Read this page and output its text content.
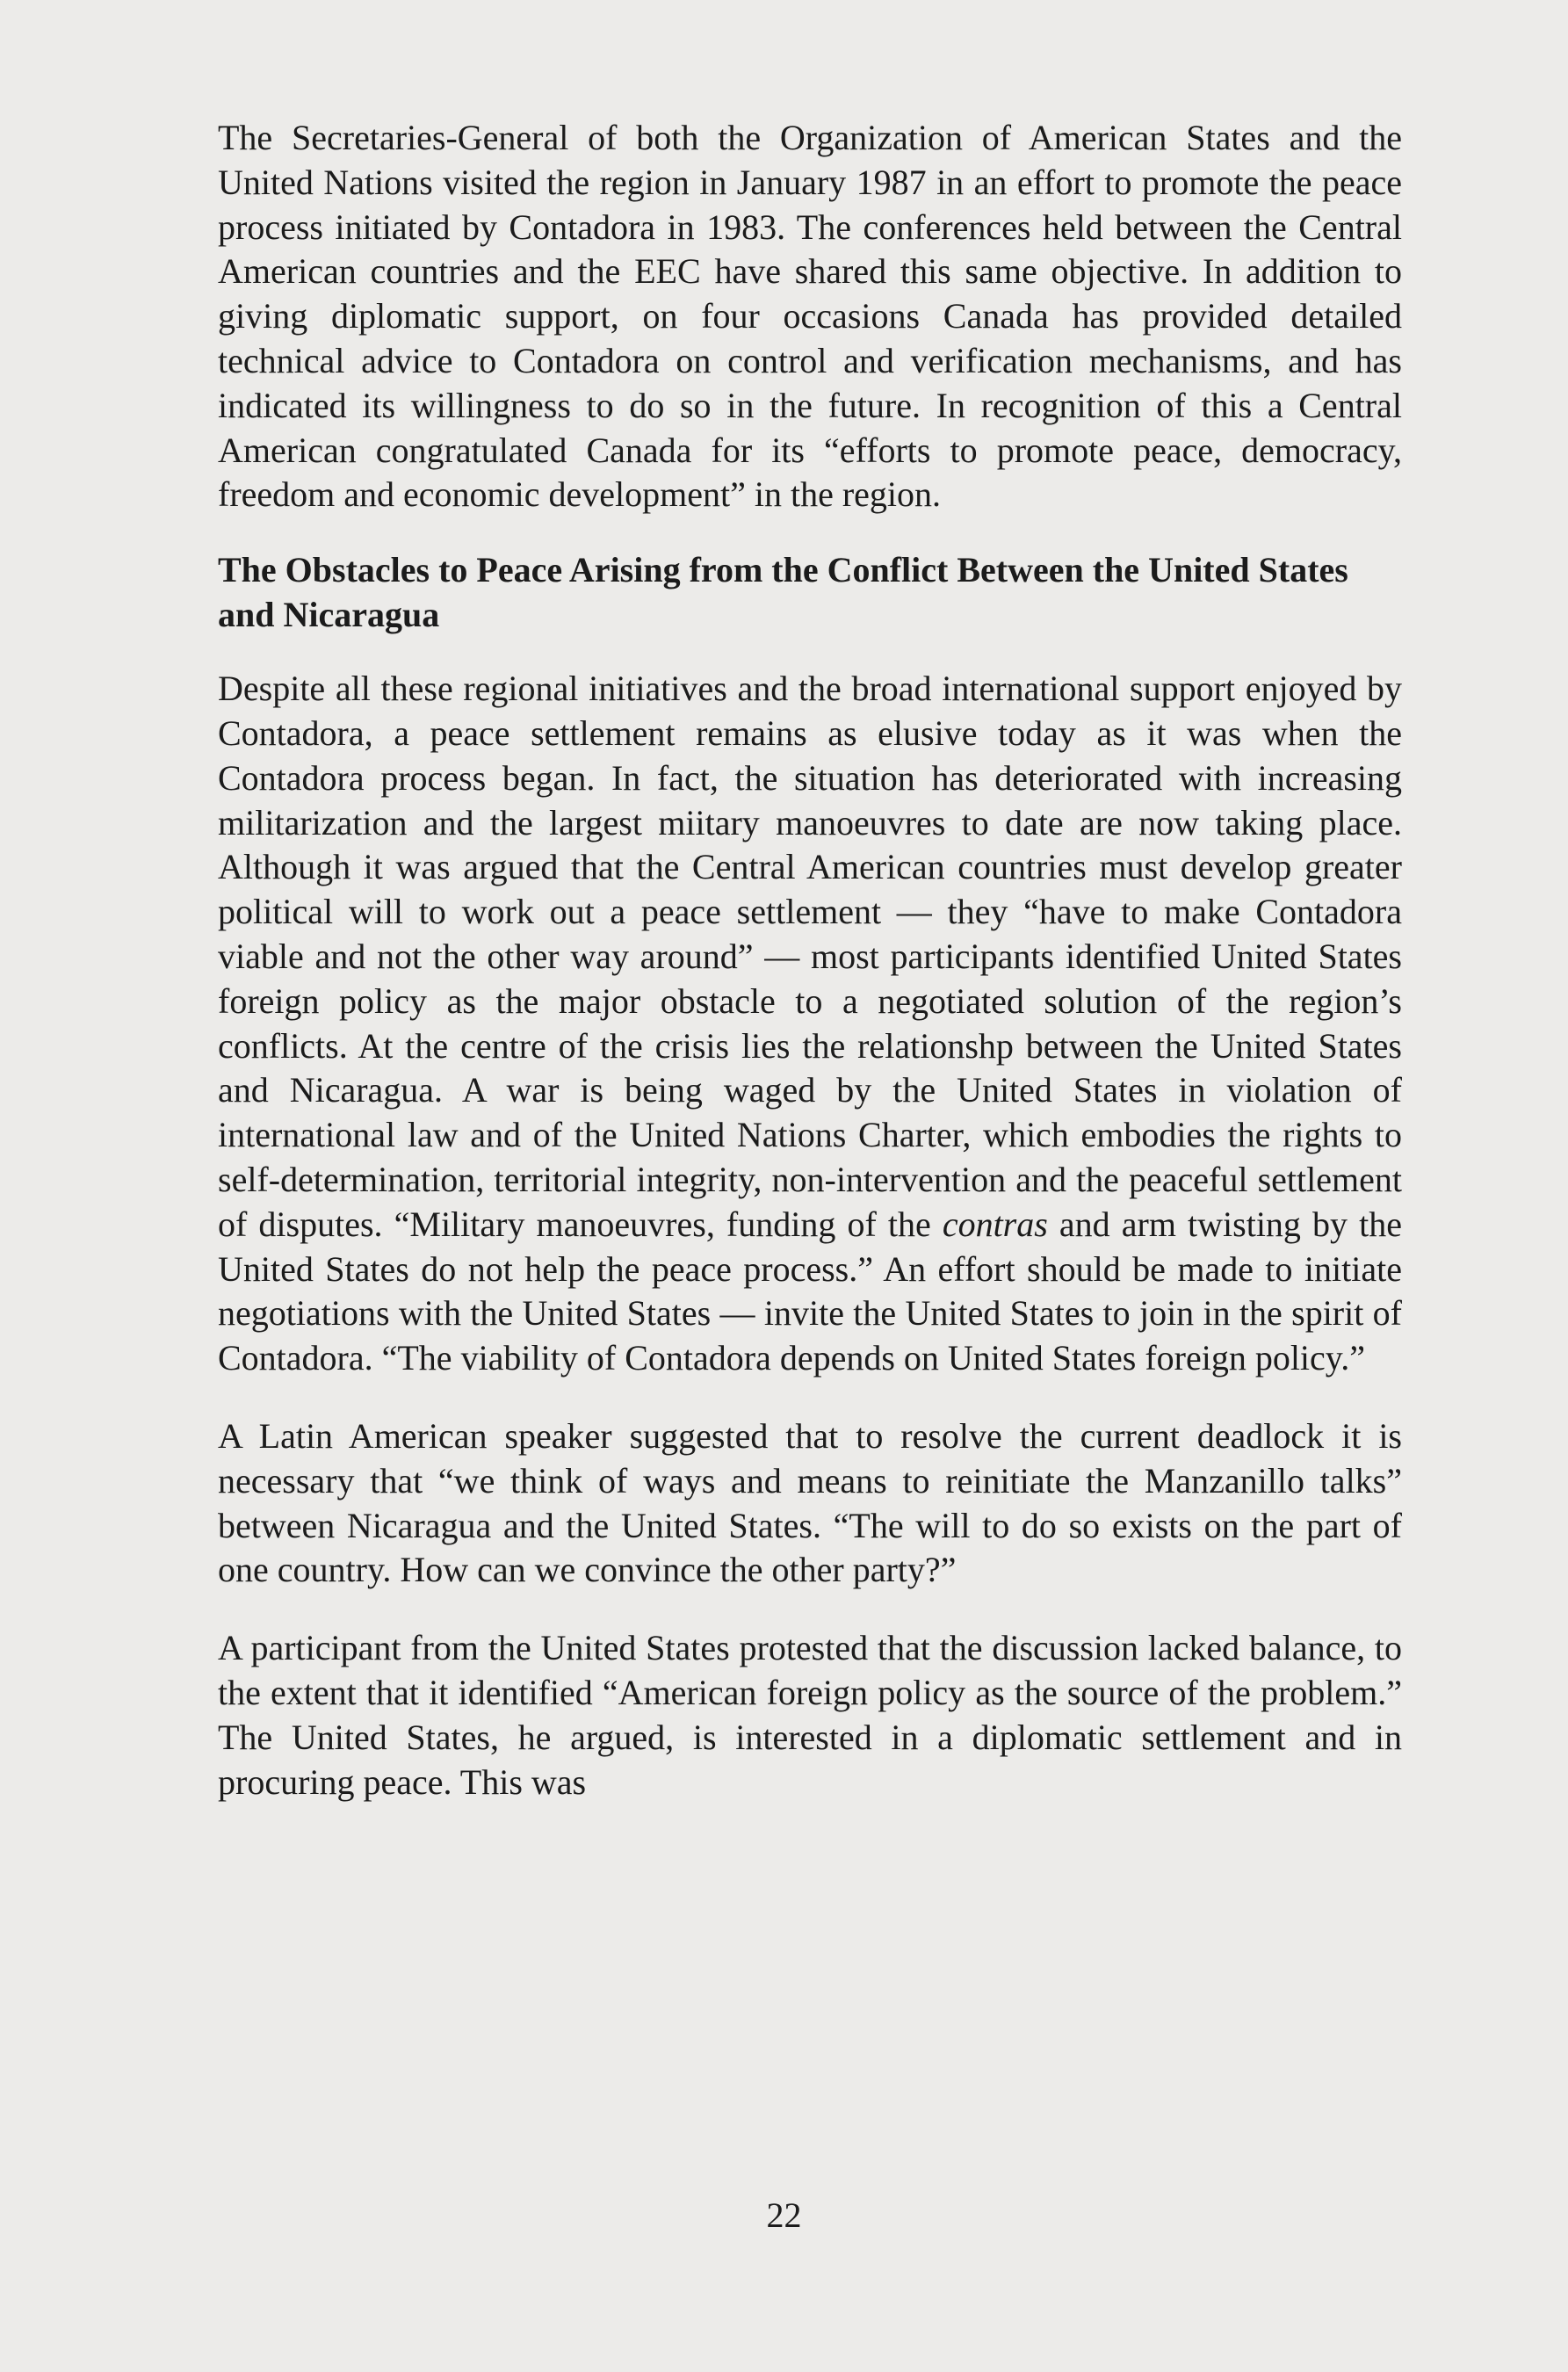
The Secretaries-General of both the Organization of American States and the United Nations visited the region in January 1987 in an effort to promote the peace process initiated by Contadora in 1983. The conferences held between the Central American countries and the EEC have shared this same objective. In addition to giving diplomatic support, on four occasions Canada has provided detailed technical advice to Contadora on control and verification mechanisms, and has indicated its willingness to do so in the future. In recognition of this a Central American congratulated Canada for its “efforts to promote peace, democracy, freedom and economic development” in the region.

The Obstacles to Peace Arising from the Conflict Between the United States and Nicaragua

Despite all these regional initiatives and the broad international support enjoyed by Contadora, a peace settlement remains as elusive today as it was when the Contadora process began. In fact, the situation has deteriorated with increasing militarization and the largest miitary manoeuvres to date are now taking place. Although it was argued that the Central American countries must develop greater political will to work out a peace settlement — they “have to make Contadora viable and not the other way around” — most participants identified United States foreign policy as the major obstacle to a negotiated solution of the region’s conflicts. At the centre of the crisis lies the relationshp between the United States and Nicaragua. A war is being waged by the United States in violation of international law and of the United Nations Charter, which embodies the rights to self-determination, territorial integrity, non-intervention and the peaceful settlement of disputes. “Military manoeuvres, funding of the contras and arm twisting by the United States do not help the peace process.” An effort should be made to initiate negotiations with the United States — invite the United States to join in the spirit of Contadora. “The viability of Contadora depends on United States foreign policy.”

A Latin American speaker suggested that to resolve the current deadlock it is necessary that “we think of ways and means to reinitiate the Manzanillo talks” between Nicaragua and the United States. “The will to do so exists on the part of one country. How can we convince the other party?”

A participant from the United States protested that the discussion lacked balance, to the extent that it identified “American foreign policy as the source of the problem.” The United States, he argued, is interested in a diplomatic settlement and in procuring peace. This was

22
